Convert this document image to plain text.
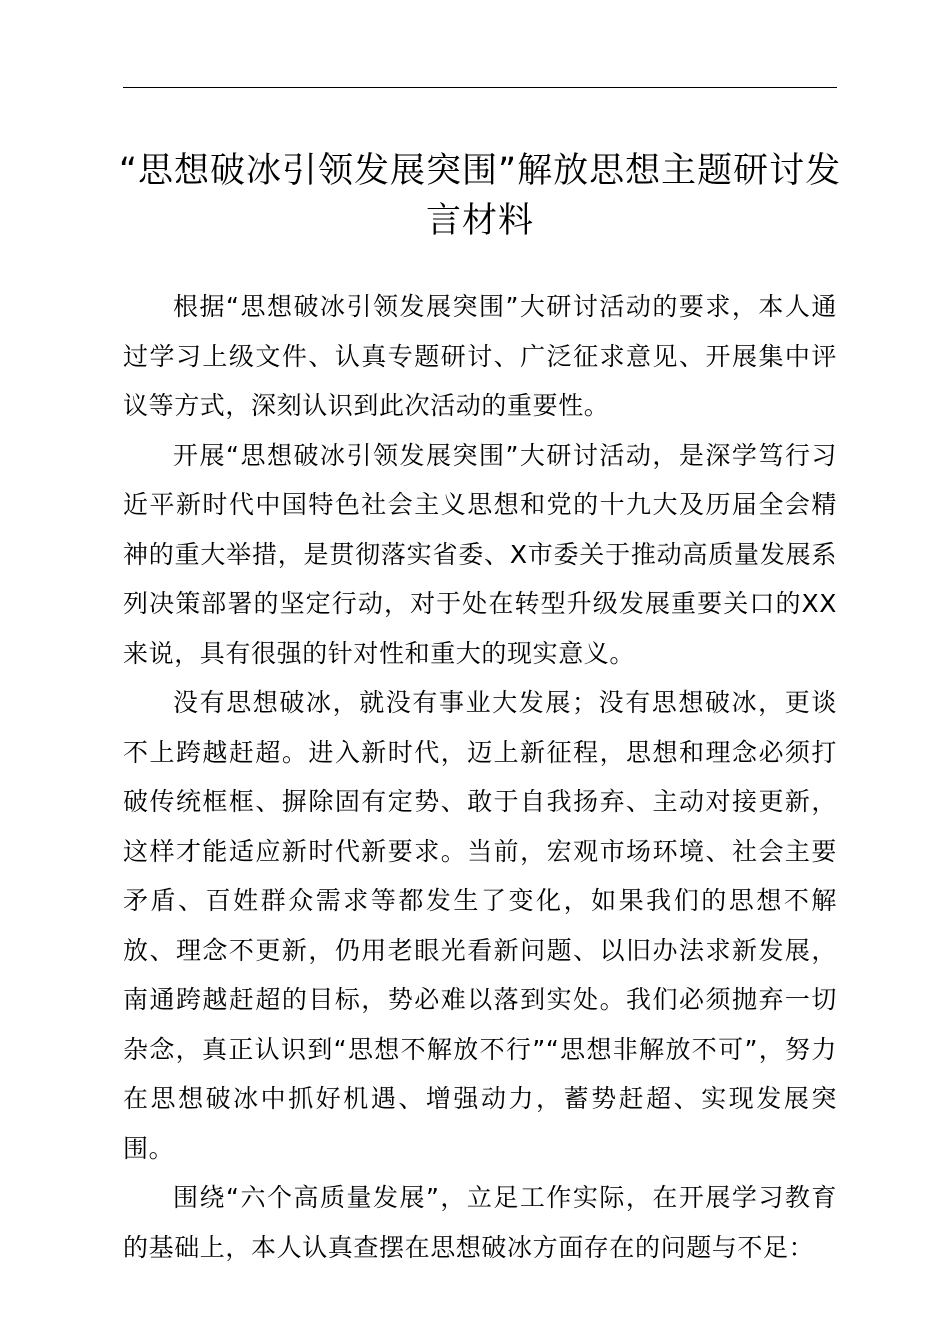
“思想破冰引领发展突围”解放思想主题研讨发言材料

根据“思想破冰引领发展突围”大研讨活动的要求，本人通过学习上级文件、认真专题研讨、广泛征求意见、开展集中评议等方式，深刻认识到此次活动的重要性。

开展“思想破冰引领发展突围”大研讨活动，是深学笃行习近平新时代中国特色社会主义思想和党的十九大及历届全会精神的重大举措，是贯彻落实省委、X市委关于推动高质量发展系列决策部署的坚定行动，对于处在转型升级发展重要关口的XX来说，具有很强的针对性和重大的现实意义。

没有思想破冰，就没有事业大发展；没有思想破冰，更谈不上跨越赶超。进入新时代，迈上新征程，思想和理念必须打破传统框框、摒除固有定势、敢于自我扬弃、主动对接更新，这样才能适应新时代新要求。当前，宏观市场环境、社会主要矛盾、百姓群众需求等都发生了变化，如果我们的思想不解放、理念不更新，仍用老眼光看新问题、以旧办法求新发展，南通跨越赶超的目标，势必难以落到实处。我们必须抛弃一切杂念，真正认识到“思想不解放不行”“思想非解放不可”，努力在思想破冰中抓好机遇、增强动力，蓄势赶超、实现发展突围。

围绕“六个高质量发展”，立足工作实际，在开展学习教育的基础上，本人认真查摆在思想破冰方面存在的问题与不足：
